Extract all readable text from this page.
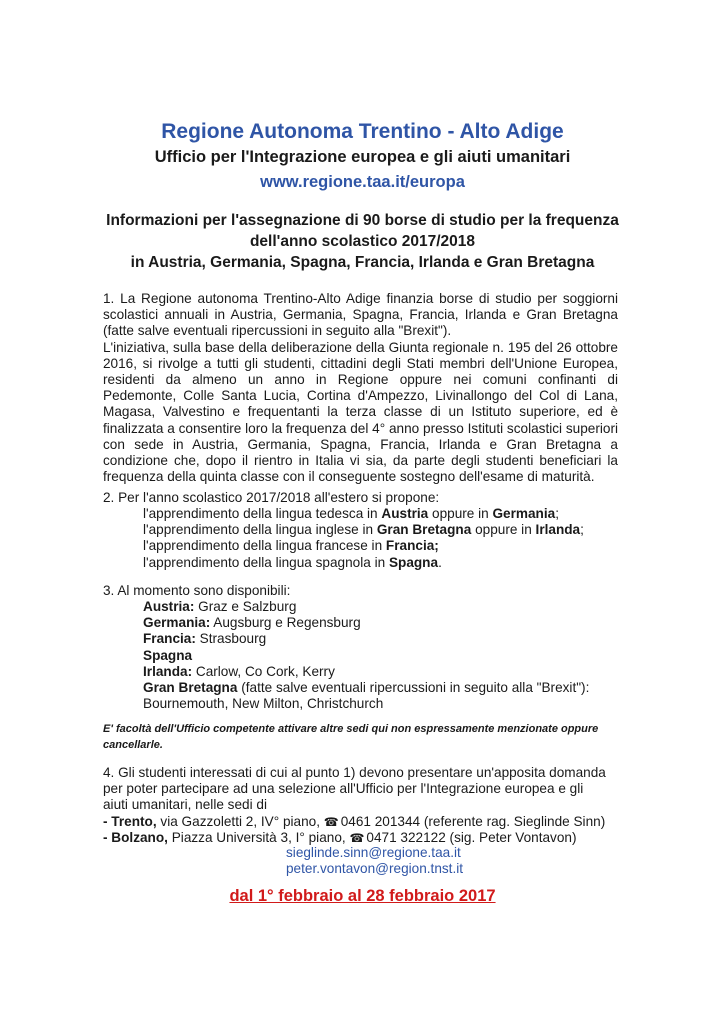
Regione Autonoma Trentino - Alto Adige
Ufficio per l'Integrazione europea e gli aiuti umanitari
www.regione.taa.it/europa
Informazioni per l'assegnazione di 90 borse di studio per la frequenza
dell'anno scolastico 2017/2018
in Austria, Germania, Spagna, Francia, Irlanda e Gran Bretagna
1. La Regione autonoma Trentino-Alto Adige finanzia borse di studio per soggiorni
scolastici annuali in Austria, Germania, Spagna, Francia, Irlanda e Gran Bretagna
(fatte salve eventuali ripercussioni in seguito alla "Brexit").
L'iniziativa, sulla base della deliberazione della Giunta regionale n. 195 del 26 ottobre
2016, si rivolge a tutti gli studenti, cittadini degli Stati membri dell'Unione Europea,
residenti da almeno un anno in Regione oppure nei comuni confinanti di
Pedemonte, Colle Santa Lucia, Cortina d'Ampezzo, Livinallongo del Col di Lana,
Magasa, Valvestino e frequentanti la terza classe di un Istituto superiore, ed è
finalizzata a consentire loro la frequenza del 4° anno presso Istituti scolastici superiori
con sede in Austria, Germania, Spagna, Francia, Irlanda e Gran Bretagna a
condizione che, dopo il rientro in Italia vi sia, da parte degli studenti beneficiari la
frequenza della quinta classe con il conseguente sostegno dell'esame di maturità.
2. Per l'anno scolastico 2017/2018 all'estero si propone:
l'apprendimento della lingua tedesca in Austria oppure in Germania;
l'apprendimento della lingua inglese in Gran Bretagna oppure in Irlanda;
l'apprendimento della lingua francese in Francia;
l'apprendimento della lingua spagnola in Spagna.
3. Al momento sono disponibili:
Austria: Graz e Salzburg
Germania: Augsburg e Regensburg
Francia: Strasbourg
Spagna
Irlanda: Carlow, Co Cork, Kerry
Gran Bretagna (fatte salve eventuali ripercussioni in seguito alla "Brexit"):
Bournemouth, New Milton, Christchurch
E' facoltà dell'Ufficio competente attivare altre sedi qui non espressamente menzionate oppure
cancellarle.
4. Gli studenti interessati di cui al punto 1) devono presentare un'apposita domanda
per poter partecipare ad una selezione all'Ufficio per l'Integrazione europea e gli
aiuti umanitari, nelle sedi di
- Trento, via Gazzoletti 2, IV° piano, ☎ 0461 201344 (referente rag. Sieglinde Sinn)
- Bolzano, Piazza Università 3, I° piano, ☎ 0471 322122 (sig. Peter Vontavon)
sieglinde.sinn@regione.taa.it
peter.vontavon@region.tnst.it
dal 1° febbraio al 28 febbraio 2017
